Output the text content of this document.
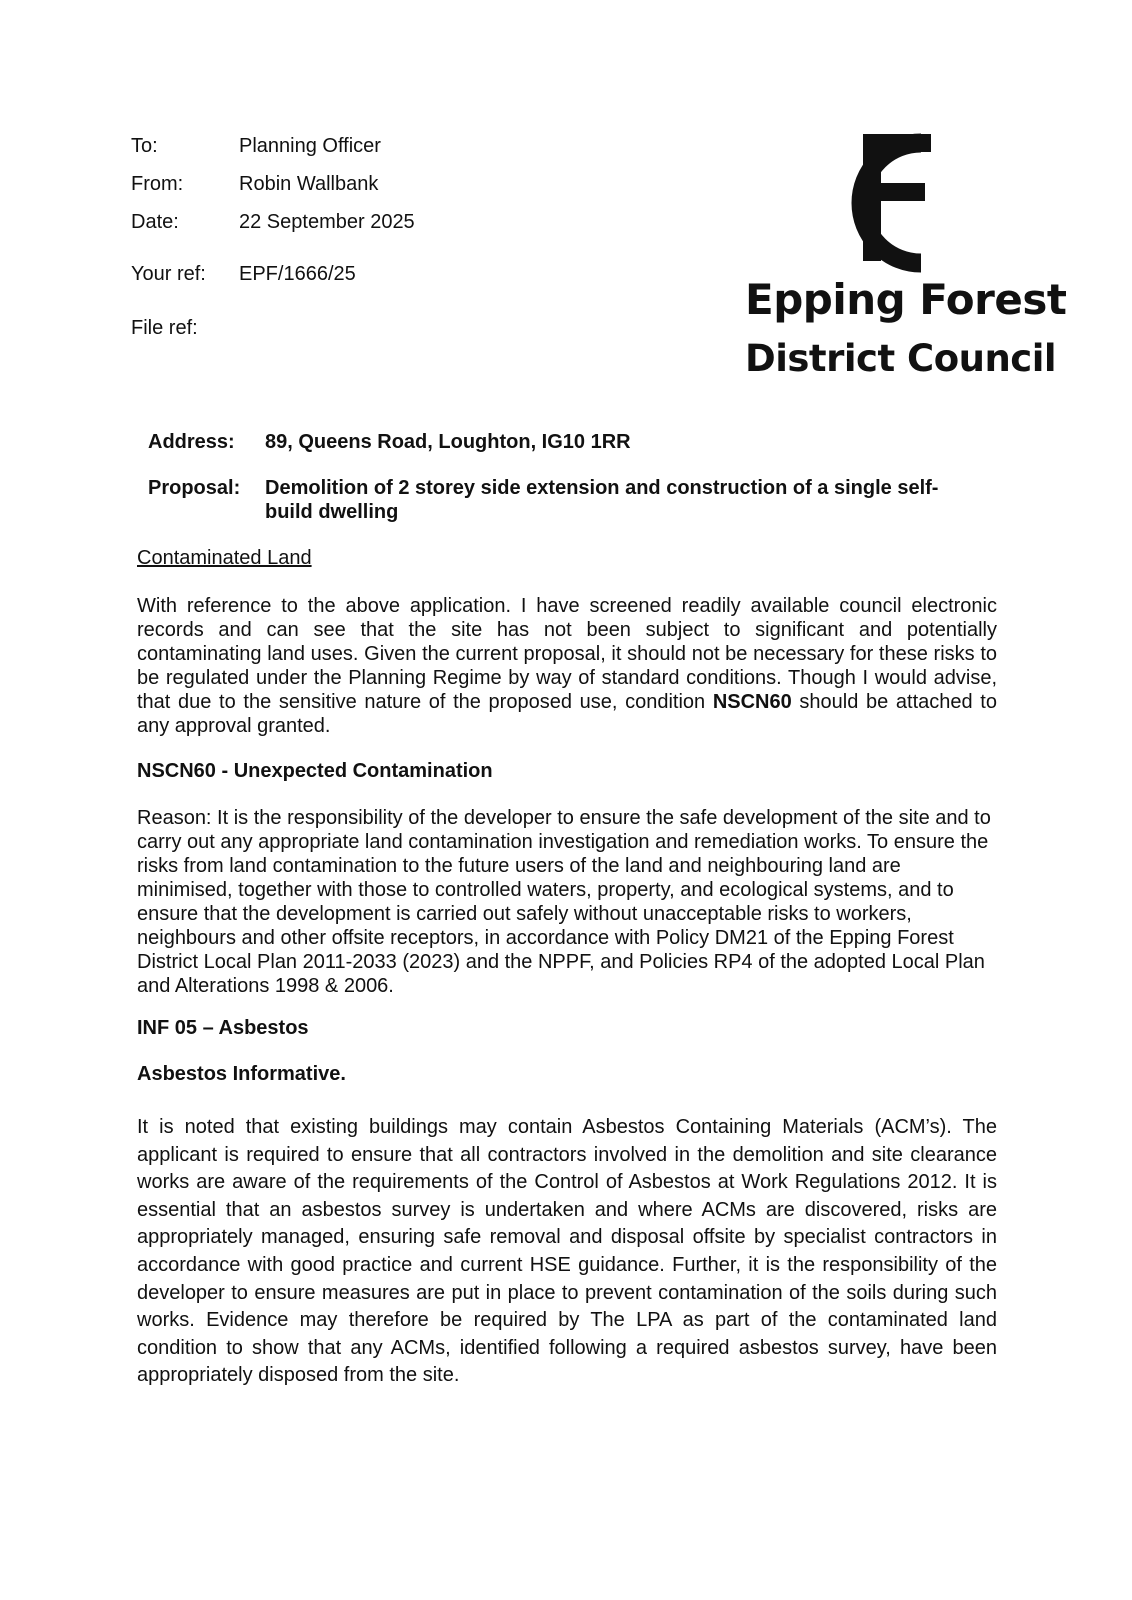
To:	Planning Officer
From:	Robin Wallbank
Date:	22 September 2025
Your ref:	EPF/1666/25
File ref:
Epping Forest
District Council
Address: 89, Queens Road, Loughton, IG10 1RR
Proposal: Demolition of 2 storey side extension and construction of a single self-build dwelling
Contaminated Land
With reference to the above application. I have screened readily available council electronic records and can see that the site has not been subject to significant and potentially contaminating land uses. Given the current proposal, it should not be necessary for these risks to be regulated under the Planning Regime by way of standard conditions. Though I would advise, that due to the sensitive nature of the proposed use, condition NSCN60 should be attached to any approval granted.
NSCN60 - Unexpected Contamination
Reason: It is the responsibility of the developer to ensure the safe development of the site and to carry out any appropriate land contamination investigation and remediation works. To ensure the risks from land contamination to the future users of the land and neighbouring land are minimised, together with those to controlled waters, property, and ecological systems, and to ensure that the development is carried out safely without unacceptable risks to workers, neighbours and other offsite receptors, in accordance with Policy DM21 of the Epping Forest District Local Plan 2011-2033 (2023) and the NPPF, and Policies RP4 of the adopted Local Plan and Alterations 1998 & 2006.
INF 05 – Asbestos
Asbestos Informative.
It is noted that existing buildings may contain Asbestos Containing Materials (ACM’s). The applicant is required to ensure that all contractors involved in the demolition and site clearance works are aware of the requirements of the Control of Asbestos at Work Regulations 2012. It is essential that an asbestos survey is undertaken and where ACMs are discovered, risks are appropriately managed, ensuring safe removal and disposal offsite by specialist contractors in accordance with good practice and current HSE guidance. Further, it is the responsibility of the developer to ensure measures are put in place to prevent contamination of the soils during such works. Evidence may therefore be required by The LPA as part of the contaminated land condition to show that any ACMs, identified following a required asbestos survey, have been appropriately disposed from the site.
